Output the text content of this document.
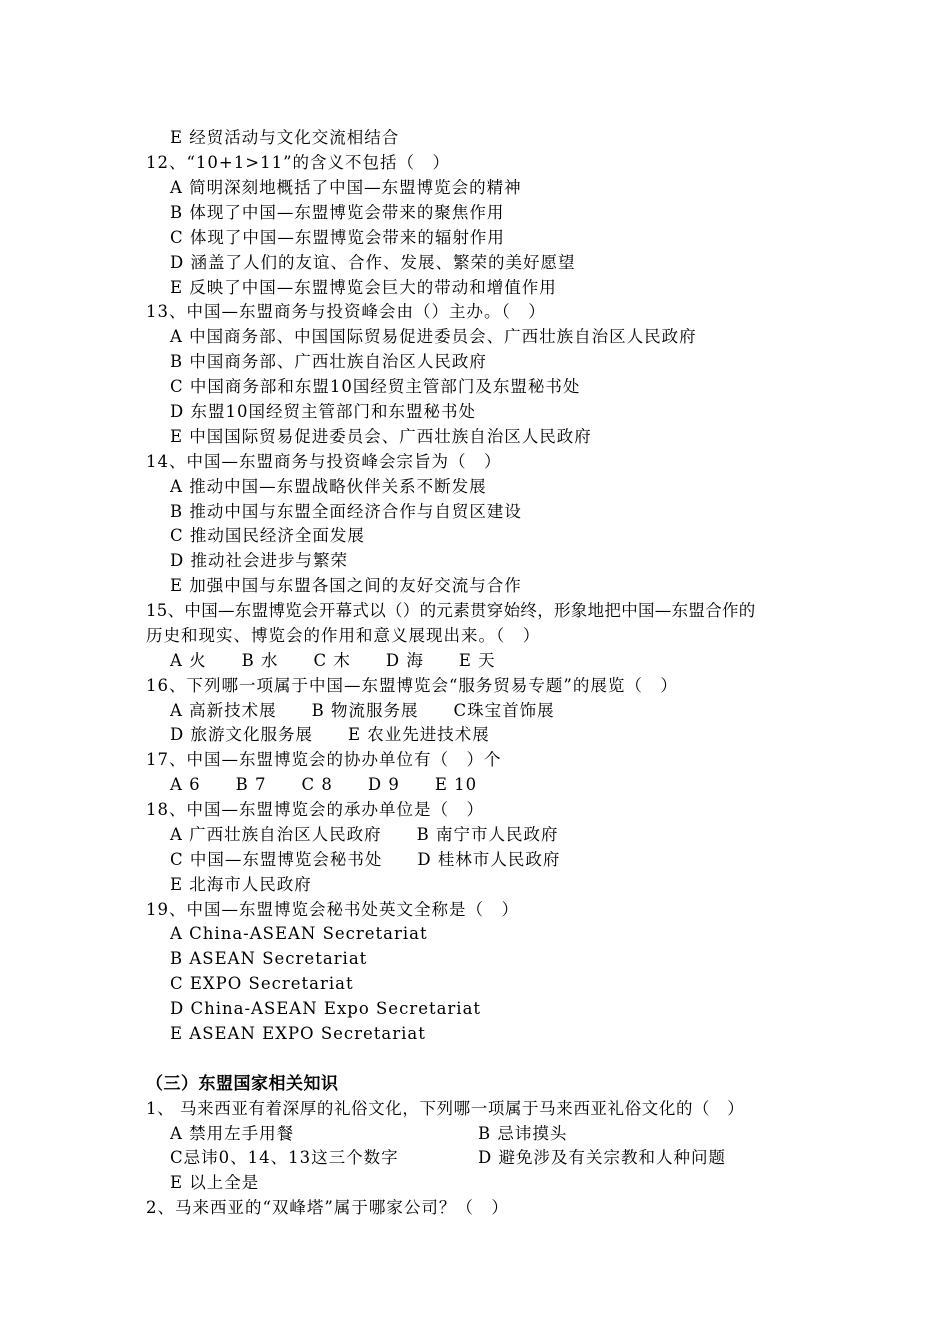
E 经贸活动与文化交流相结合
12、“10+1>11”的含义不包括（　）
A 简明深刻地概括了中国—东盟博览会的精神
B 体现了中国—东盟博览会带来的聚焦作用
C 体现了中国—东盟博览会带来的辐射作用
D 涵盖了人们的友谊、合作、发展、繁荣的美好愿望
E 反映了中国—东盟博览会巨大的带动和增值作用
13、中国—东盟商务与投资峰会由（）主办。（　）
A 中国商务部、中国国际贸易促进委员会、广西壮族自治区人民政府
B 中国商务部、广西壮族自治区人民政府
C 中国商务部和东盟10国经贸主管部门及东盟秘书处
D 东盟10国经贸主管部门和东盟秘书处
E 中国国际贸易促进委员会、广西壮族自治区人民政府
14、中国—东盟商务与投资峰会宗旨为（　）
A 推动中国—东盟战略伙伴关系不断发展
B 推动中国与东盟全面经济合作与自贸区建设
C 推动国民经济全面发展
D 推动社会进步与繁荣
E 加强中国与东盟各国之间的友好交流与合作
15、中国—东盟博览会开幕式以（）的元素贯穿始终，形象地把中国—东盟合作的
历史和现实、博览会的作用和意义展现出来。（　）
A 火　　B 水　　C 木　　D 海　　E 天
16、下列哪一项属于中国—东盟博览会“服务贸易专题”的展览（　）
A 高新技术展　　B 物流服务展　　C珠宝首饰展
D 旅游文化服务展　　E 农业先进技术展
17、中国—东盟博览会的协办单位有（　）个
A 6　　B 7　　C 8　　D 9　　E 10
18、中国—东盟博览会的承办单位是（　）
A 广西壮族自治区人民政府　　B 南宁市人民政府
C 中国—东盟博览会秘书处　　D 桂林市人民政府
E 北海市人民政府
19、中国—东盟博览会秘书处英文全称是（　）
A China-ASEAN Secretariat
B ASEAN Secretariat
C EXPO Secretariat
D China-ASEAN Expo Secretariat
E ASEAN EXPO Secretariat
（三）东盟国家相关知识
1、 马来西亚有着深厚的礼俗文化，下列哪一项属于马来西亚礼俗文化的（　）
A 禁用左手用餐	B 忌讳摸头
C忌讳0、14、13这三个数字	D 避免涉及有关宗教和人种问题
E 以上全是
2、马来西亚的“双峰塔”属于哪家公司？（　）
